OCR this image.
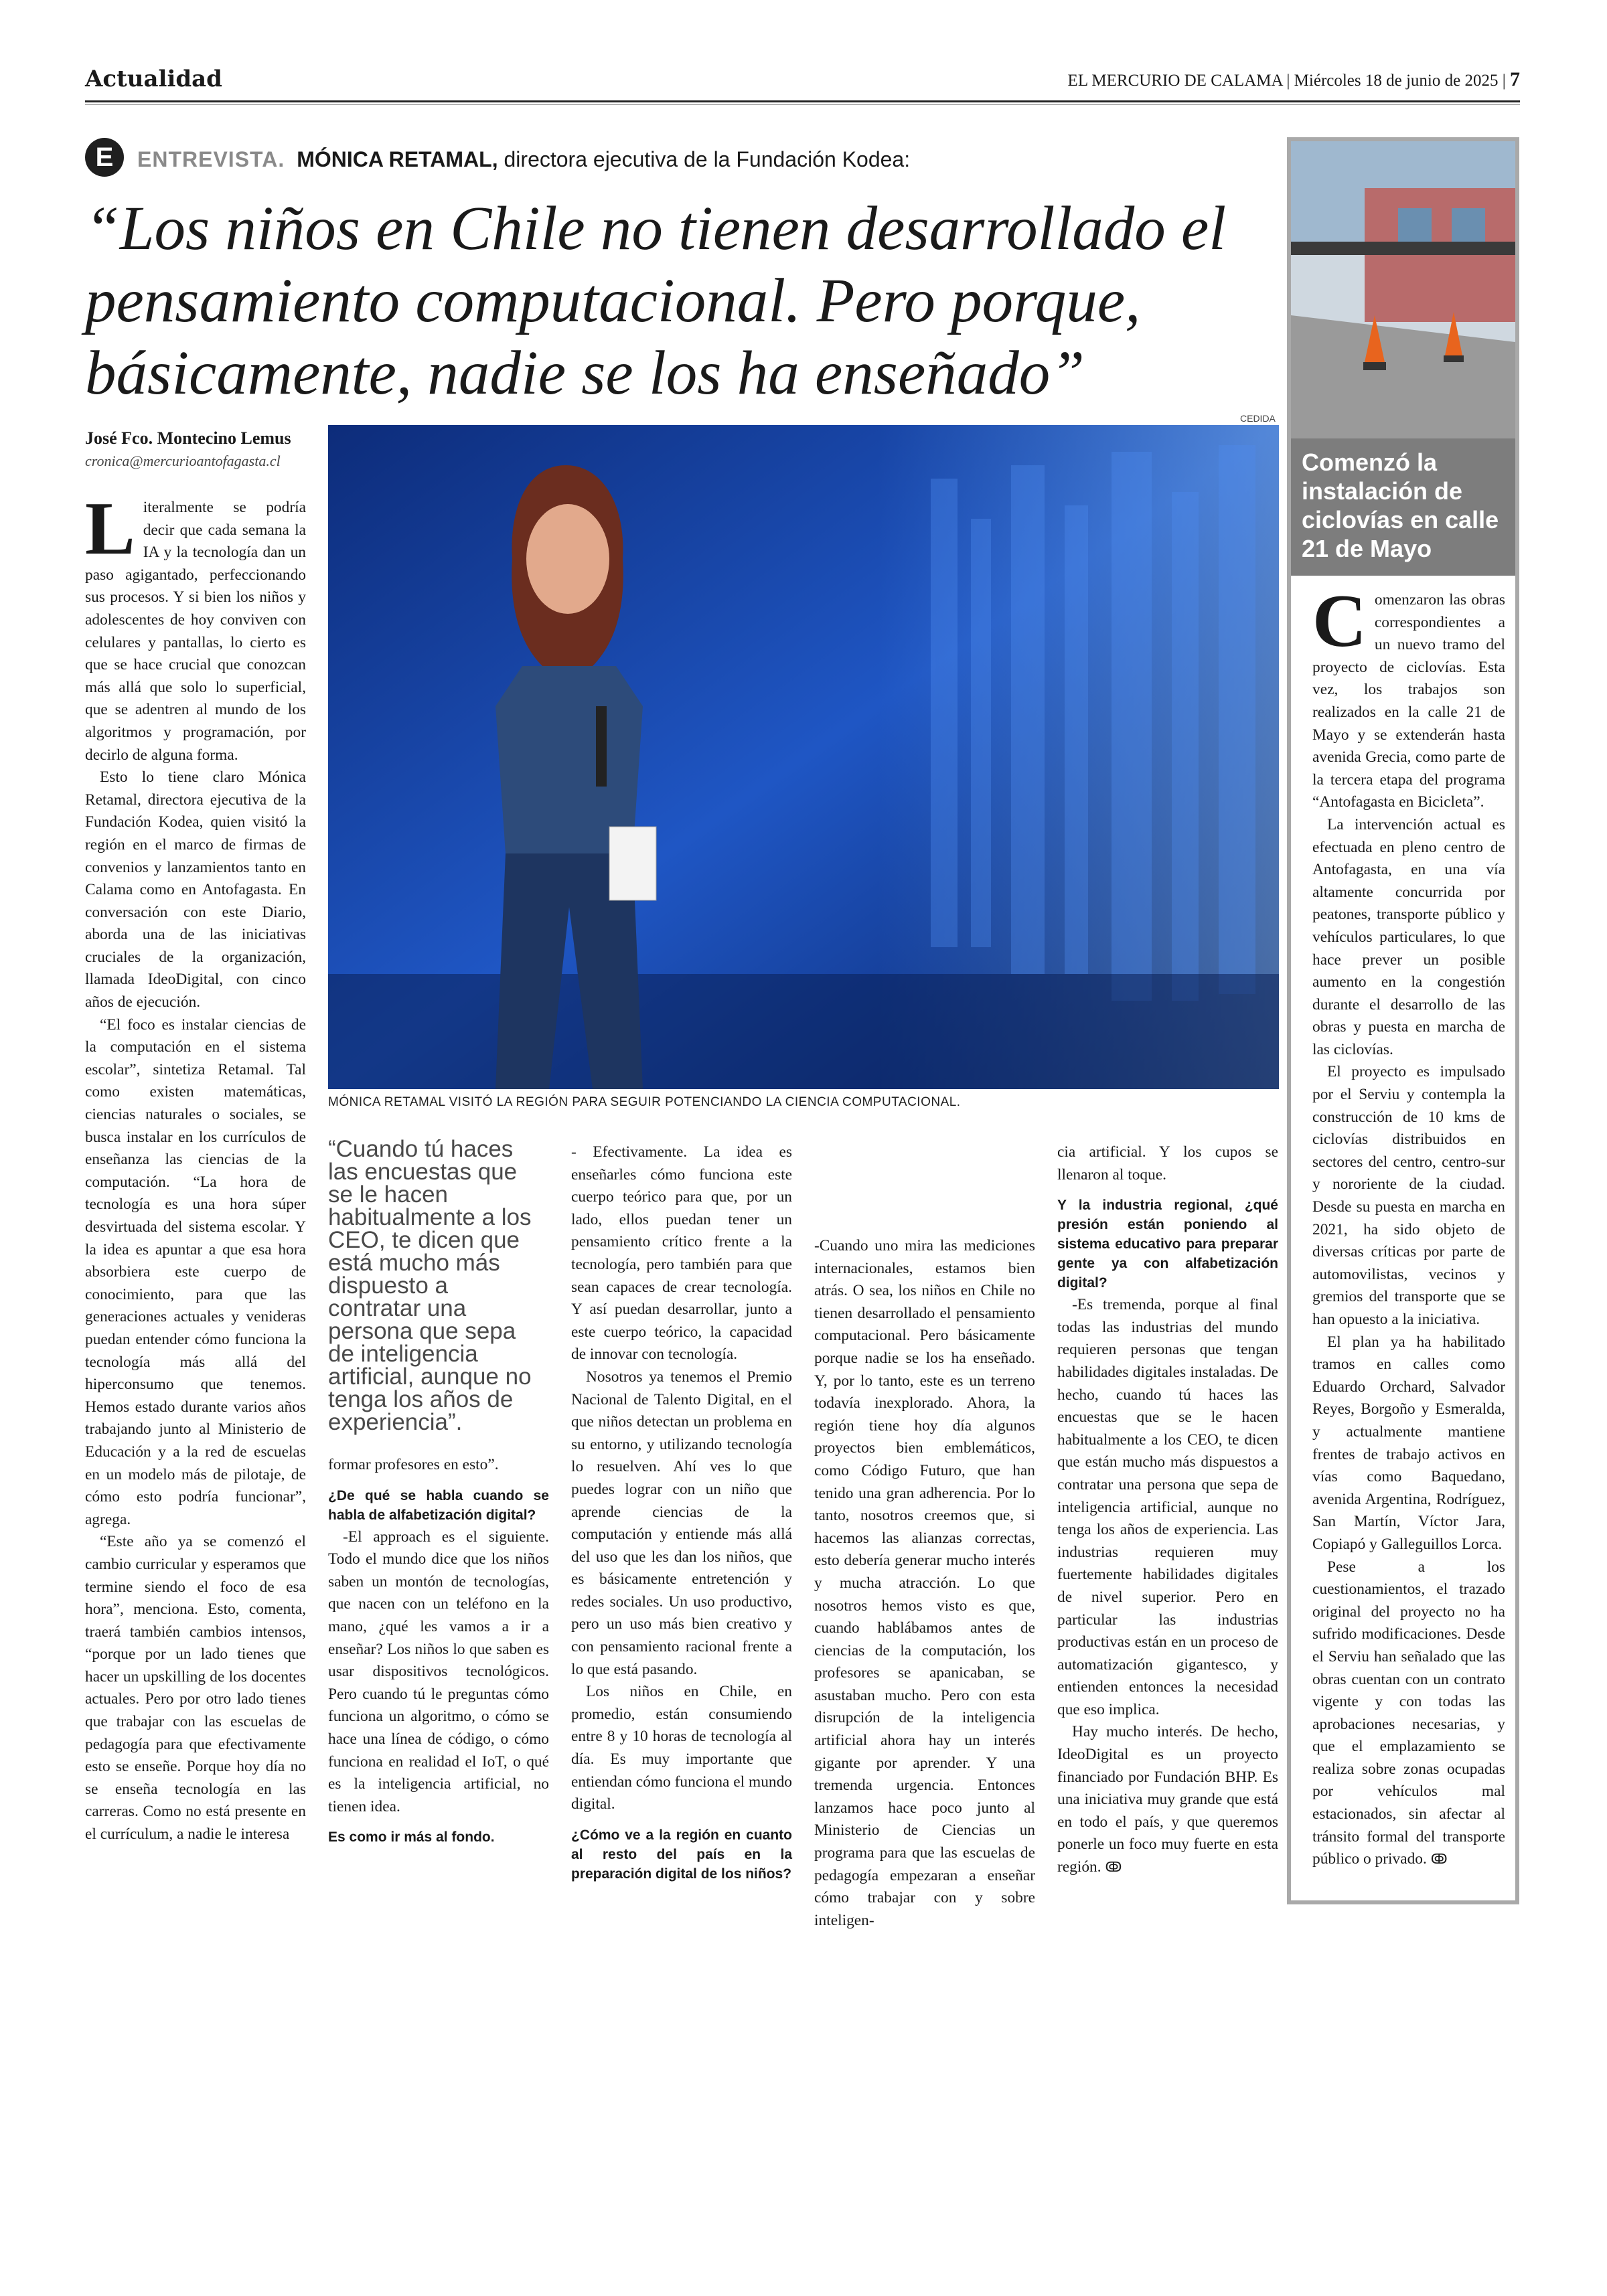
Actualidad	EL MERCURIO DE CALAMA | Miércoles 18 de junio de 2025 | 7
E	ENTREVISTA. MÓNICA RETAMAL, directora ejecutiva de la Fundación Kodea:
“Los niños en Chile no tienen desarrollado el pensamiento computacional. Pero porque, básicamente, nadie se los ha enseñado”
José Fco. Montecino Lemus
cronica@mercurioantofagasta.cl
CEDIDA
MÓNICA RETAMAL VISITÓ LA REGIÓN PARA SEGUIR POTENCIANDO LA CIENCIA COMPUTACIONAL.

Literalmente se podría decir que cada semana la IA y la tecnología dan un paso agigantado, perfeccionando sus procesos. Y si bien los niños y adolescentes de hoy conviven con celulares y pantallas, lo cierto es que se hace crucial que conozcan más allá que solo lo superficial, que se adentren al mundo de los algoritmos y programación, por decirlo de alguna forma.

Esto lo tiene claro Mónica Retamal, directora ejecutiva de la Fundación Kodea, quien visitó la región en el marco de firmas de convenios y lanzamientos tanto en Calama como en Antofagasta. En conversación con este Diario, aborda una de las iniciativas cruciales de la organización, llamada IdeoDigital, con cinco años de ejecución.

“El foco es instalar ciencias de la computación en el sistema escolar”, sintetiza Retamal. Tal como existen matemáticas, ciencias naturales o sociales, se busca instalar en los currículos de enseñanza las ciencias de la computación. “La hora de tecnología es una hora súper desvirtuada del sistema escolar. Y la idea es apuntar a que esa hora absorbiera este cuerpo de conocimiento, para que las generaciones actuales y venideras puedan entender cómo funciona la tecnología más allá del hiperconsumo que tenemos. Hemos estado durante varios años trabajando junto al Ministerio de Educación y a la red de escuelas en un modelo más de pilotaje, de cómo esto podría funcionar”, agrega.

“Este año ya se comenzó el cambio curricular y esperamos que termine siendo el foco de esa hora”, menciona. Esto, comenta, traerá también cambios intensos, “porque por un lado tienes que hacer un upskilling de los docentes actuales. Pero por otro lado tienes que trabajar con las escuelas de pedagogía para que efectivamente esto se enseñe. Porque hoy día no se enseña tecnología en las carreras. Como no está presente en el currículum, a nadie le interesa

“Cuando tú haces las encuestas que se le hacen habitualmente a los CEO, te dicen que está mucho más dispuesto a contratar una persona que sepa de inteligencia artificial, aunque no tenga los años de experiencia”.

formar profesores en esto”.

¿De qué se habla cuando se habla de alfabetización digital?

-El approach es el siguiente. Todo el mundo dice que los niños saben un montón de tecnologías, que nacen con un teléfono en la mano, ¿qué les vamos a ir a enseñar? Los niños lo que saben es usar dispositivos tecnológicos. Pero cuando tú le preguntas cómo funciona un algoritmo, o cómo se hace una línea de código, o cómo funciona en realidad el IoT, o qué es la inteligencia artificial, no tienen idea.

Es como ir más al fondo.

- Efectivamente. La idea es enseñarles cómo funciona este cuerpo teórico para que, por un lado, ellos puedan tener un pensamiento crítico frente a la tecnología, pero también para que sean capaces de crear tecnología. Y así puedan desarrollar, junto a este cuerpo teórico, la capacidad de innovar con tecnología.

Nosotros ya tenemos el Premio Nacional de Talento Digital, en el que niños detectan un problema en su entorno, y utilizando tecnología lo resuelven. Ahí ves lo que puedes lograr con un niño que aprende ciencias de la computación y entiende más allá del uso que les dan los niños, que es básicamente entretención y redes sociales. Un uso productivo, pero un uso más bien creativo y con pensamiento racional frente a lo que está pasando.

Los niños en Chile, en promedio, están consumiendo entre 8 y 10 horas de tecnología al día. Es muy importante que entiendan cómo funciona el mundo digital.

¿Cómo ve a la región en cuanto al resto del país en la preparación digital de los niños?

-Cuando uno mira las mediciones internacionales, estamos bien atrás. O sea, los niños en Chile no tienen desarrollado el pensamiento computacional. Pero básicamente porque nadie se los ha enseñado. Y, por lo tanto, este es un terreno todavía inexplorado. Ahora, la región tiene hoy día algunos proyectos bien emblemáticos, como Código Futuro, que han tenido una gran adherencia. Por lo tanto, nosotros creemos que, si hacemos las alianzas correctas, esto debería generar mucho interés y mucha atracción. Lo que nosotros hemos visto es que, cuando hablábamos antes de ciencias de la computación, los profesores se apanicaban, se asustaban mucho. Pero con esta disrupción de la inteligencia artificial ahora hay un interés gigante por aprender. Y una tremenda urgencia. Entonces lanzamos hace poco junto al Ministerio de Ciencias un programa para que las escuelas de pedagogía empezaran a enseñar cómo trabajar con y sobre inteligen-

cia artificial. Y los cupos se llenaron al toque.

Y la industria regional, ¿qué presión están poniendo al sistema educativo para preparar gente ya con alfabetización digital?

-Es tremenda, porque al final todas las industrias del mundo requieren personas que tengan habilidades digitales instaladas. De hecho, cuando tú haces las encuestas que se le hacen habitualmente a los CEO, te dicen que están mucho más dispuestos a contratar una persona que sepa de inteligencia artificial, aunque no tenga los años de experiencia. Las industrias requieren muy fuertemente habilidades digitales de nivel superior. Pero en particular las industrias productivas están en un proceso de automatización gigantesco, y entienden entonces la necesidad que eso implica.

Hay mucho interés. De hecho, IdeoDigital es un proyecto financiado por Fundación BHP. Es una iniciativa muy grande que está en todo el país, y que queremos ponerle un foco muy fuerte en esta región. ↂ

Comenzó la instalación de ciclovías en calle 21 de Mayo

Comenzaron las obras correspondientes a un nuevo tramo del proyecto de ciclovías. Esta vez, los trabajos son realizados en la calle 21 de Mayo y se extenderán hasta avenida Grecia, como parte de la tercera etapa del programa “Antofagasta en Bicicleta”.

La intervención actual es efectuada en pleno centro de Antofagasta, en una vía altamente concurrida por peatones, transporte público y vehículos particulares, lo que hace prever un posible aumento en la congestión durante el desarrollo de las obras y puesta en marcha de las ciclovías.

El proyecto es impulsado por el Serviu y contempla la construcción de 10 kms de ciclovías distribuidos en sectores del centro, centro-sur y nororiente de la ciudad. Desde su puesta en marcha en 2021, ha sido objeto de diversas críticas por parte de automovilistas, vecinos y gremios del transporte que se han opuesto a la iniciativa.

El plan ya ha habilitado tramos en calles como Eduardo Orchard, Salvador Reyes, Borgoño y Esmeralda, y actualmente mantiene frentes de trabajo activos en vías como Baquedano, avenida Argentina, Rodríguez, San Martín, Víctor Jara, Copiapó y Galleguillos Lorca.

Pese a los cuestionamientos, el trazado original del proyecto no ha sufrido modificaciones. Desde el Serviu han señalado que las obras cuentan con un contrato vigente y con todas las aprobaciones necesarias, y que el emplazamiento se realiza sobre zonas ocupadas por vehículos mal estacionados, sin afectar al tránsito formal del transporte público o privado. ↂ
